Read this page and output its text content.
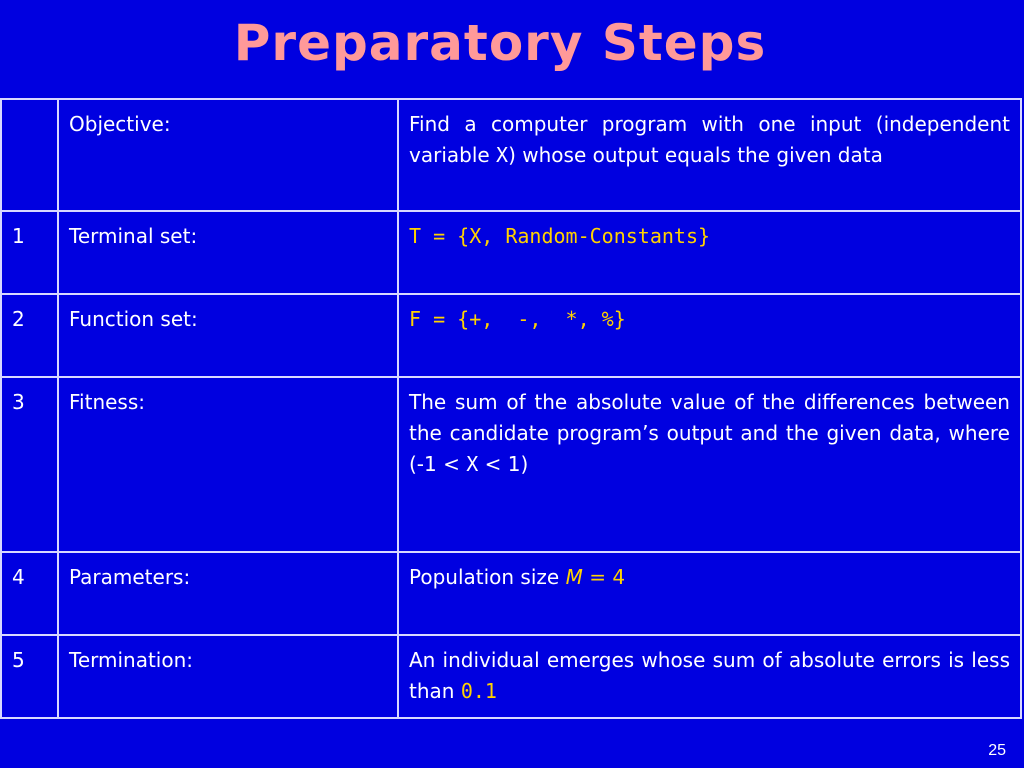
Preparatory Steps
	Objective:	Find a computer program with one input (independent variable X) whose output equals the given data
1	Terminal set:	T = {X, Random-Constants}
2	Function set:	F = {+,  -,  *, %}
3	Fitness:	The sum of the absolute value of the differences between the candidate program’s output and the given data, where (-1 < X < 1)
4	Parameters:	Population size M = 4
5	Termination:	An individual emerges whose sum of absolute errors is less than 0.1
25
